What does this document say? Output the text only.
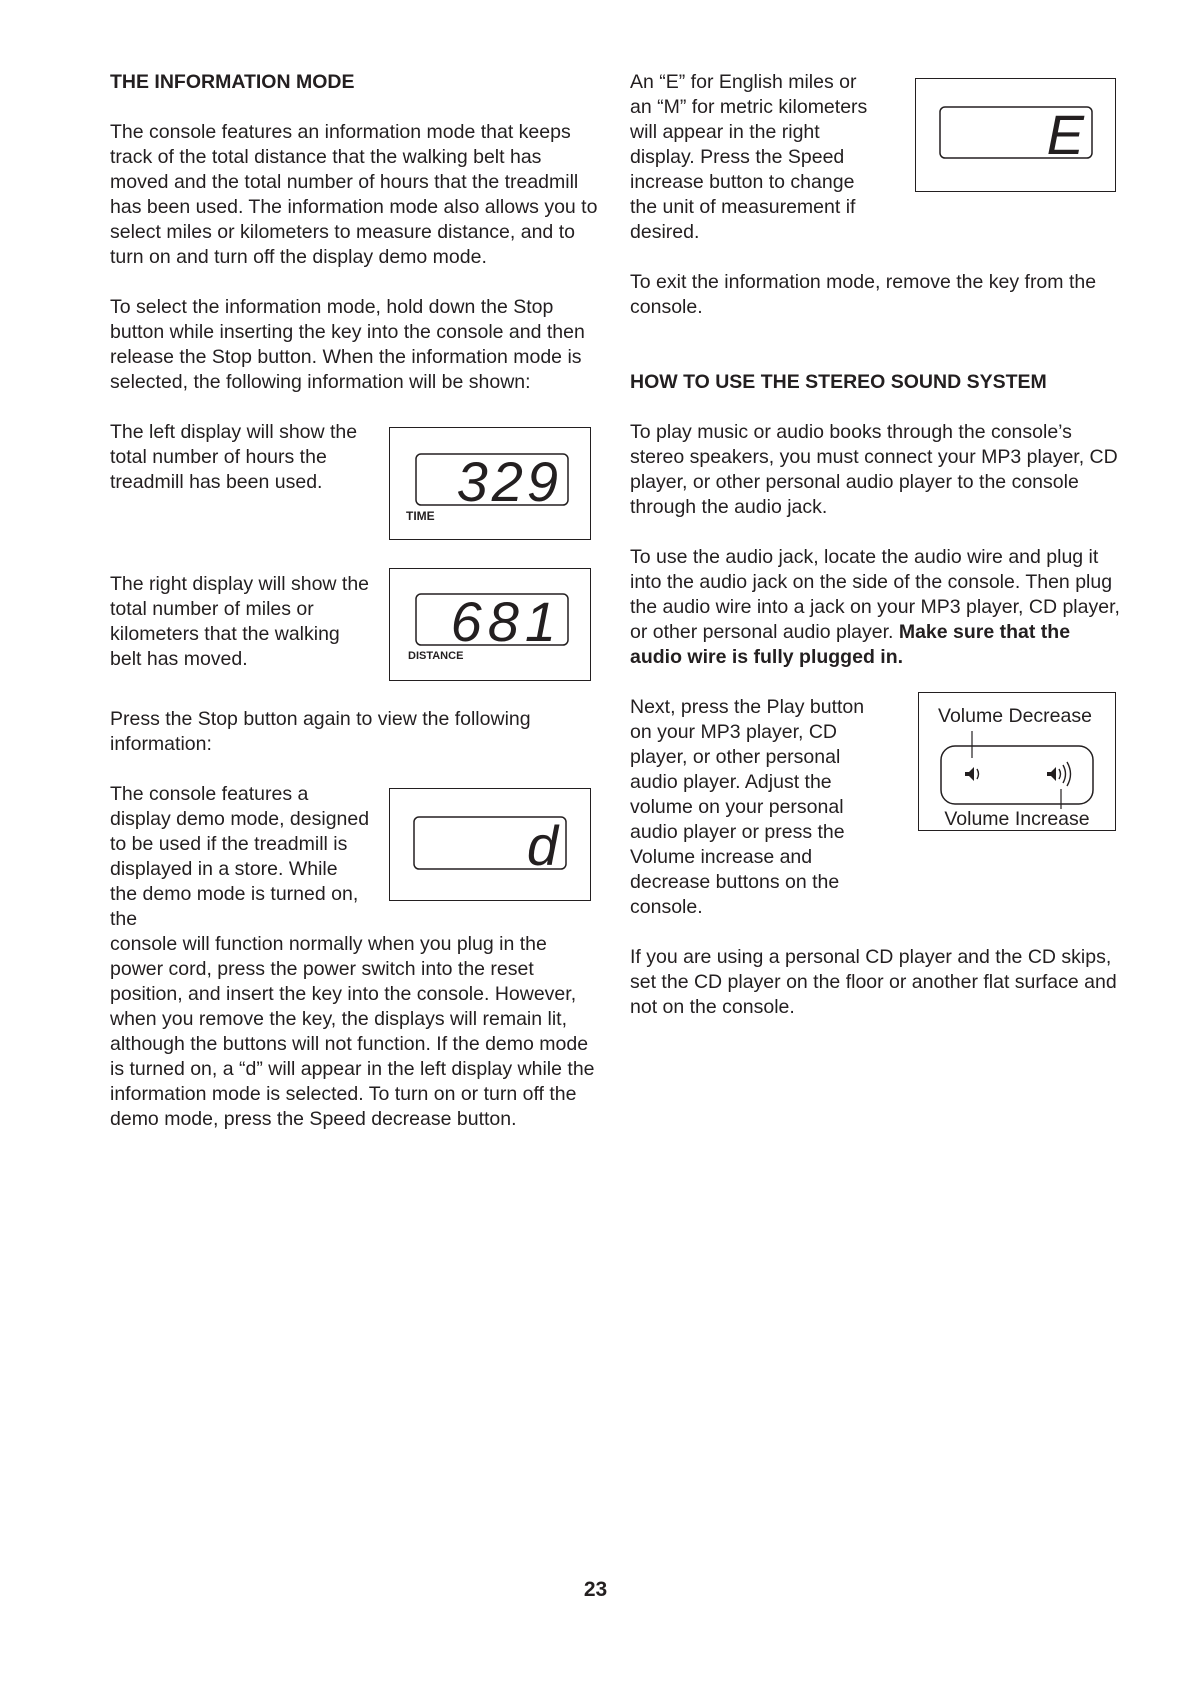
THE INFORMATION MODE

The console features an information mode that keeps track of the total distance that the walking belt has moved and the total number of hours that the treadmill has been used. The information mode also allows you to select miles or kilometers to measure distance, and to turn on and turn off the display demo mode.

To select the information mode, hold down the Stop button while inserting the key into the console and then release the Stop button. When the information mode is selected, the following information will be shown:

The left display will show the total number of hours the treadmill has been used.	329
TIME

The right display will show the total number of miles or kilometers that the walking belt has moved.

681
DISTANCE

Press the Stop button again to view the following information:

The console features a display demo mode, designed to be used if the treadmill is displayed in a store. While the demo mode is turned on, the

d

console will function normally when you plug in the power cord, press the power switch into the reset position, and insert the key into the console. However, when you remove the key, the displays will remain lit, although the buttons will not function. If the demo mode is turned on, a “d” will appear in the left display while the information mode is selected. To turn on or turn off the demo mode, press the Speed decrease button.

An “E” for English miles or an “M” for metric kilometers will appear in the right display. Press the Speed increase button to change the unit of measurement if desired.

E

To exit the information mode, remove the key from the console.

HOW TO USE THE STEREO SOUND SYSTEM

To play music or audio books through the console’s stereo speakers, you must connect your MP3 player, CD player, or other personal audio player to the console through the audio jack.

To use the audio jack, locate the audio wire and plug it into the audio jack on the side of the console. Then plug the audio wire into a jack on your MP3 player, CD player, or other personal audio player. Make sure that the audio wire is fully plugged in.

Next, press the Play button on your MP3 player, CD player, or other personal audio player. Adjust the volume on your personal audio player or press the Volume increase and decrease buttons on the console.

Volume Decrease
Volume Increase

If you are using a personal CD player and the CD skips, set the CD player on the floor or another flat surface and not on the console.

23
